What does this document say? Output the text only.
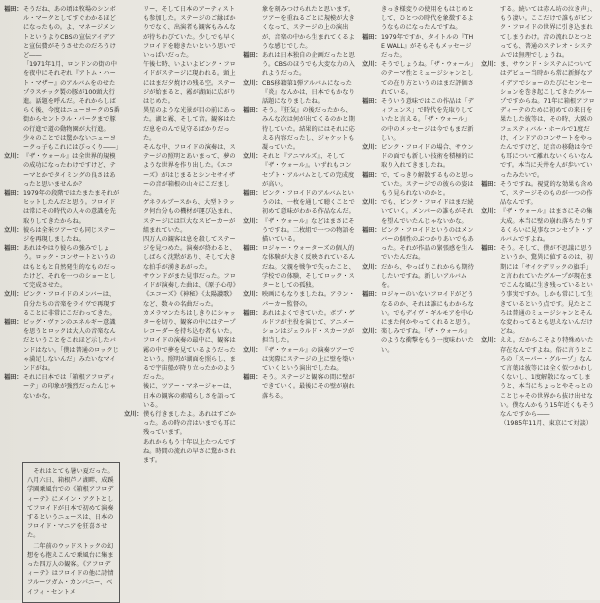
福田： そうだね、あの頃は牧場のシンボル・マークとしてすぐわかるほどになったもの。よ、マネージメントというよりCBSの宣伝アイデアと宣伝費がそうさせたのだろうけど――
「1971年1月、ロンドンの街の中を夜中にそれぞれ『アトム・ハート・マザー』のアルバムをのせたプラスチック製の豚が100頭大行進。話題を呼んだ。それからしばらく後、今度はニューヨークの5番街からセントラル・パークまで豚の行進で道の動物園が大行進。少々のことでは驚かないニューヨークっ子もこれにはびっくり――」
立川： 『ザ・ウォール』は全世界的規模の成功になったわけですけど、テーマとかでタイミングの良さはあったと思いませんか？
福田： 1979年の段階ではたまたまそれがヒットしたんだと思う。フロイドは常にその時代の人々の意識を先取りしてきたからね。
立川： 彼らは全米ツアーでも同じステージを再現しましたね。
福田： あれはやはり彼らの強みでしょう。ロック・コンサートというのはもともと自然発生的なものだったけど、それを一つのショーとして完成させた。
立川： ピンク・フロイドのメンバーは、自分たちの音楽をライヴで再現することに非常にこだわってきた。
福田： ビッグ・ヴァンのエネルギー意識を思うとロックは大人の音楽なんだということをこれほど示したバンドはない。「僕は普通のロックじゃ満足しないんだ」みたいなマインドがね。
福田： それに日本では「箱根アフロディーテ」の印象が強烈だったんじゃないかな。

それはとても暑い夏だった。八月六日、箱根芦ノ湖畔、成蹊学園乗風台での《箱根アフロディーテ》にメイン・アクトとしてフロイドが日本で初めて演奏するというニュースは、日本のフロイド・マニアを狂喜させた。

二年前のウッドストックの幻想をも抱えこんで乗風台に集まった四万人の観客。《アフロディーテ》はフロイドの他に詩情フルーツガム・カンパニー、ベイフィ・セントメ

リー、そして日本のアーティストも参加した。ステージのご縁ばかりでなく、出演者も観客もみんなが待ちわびていた。少しでも早くフロイドを聴きたいという思いでいっぱいだった。
午後七時、いよいよピンク・フロイドがステージに現われる。頭上にはまだ夕焼けの残る空。ステージが始まると、霧が湖面に広がりはじめた。
異星のような光景が目の前にあった。湖と霧、そして音。観客はただ息をのんで見守るばかりだった。
そんな中、フロイドの演奏は、ステージの照明とあいまって、夢のような世界を作り出した。《エコーズ》がはじまるとシンセサイザーの音が箱根の山々にこだました。
ゲネラルブースから、大型トラック何台分もの機材が運び込まれ、ステージには巨大なスピーカーが組まれていた。
四万人の観客は息を殺してステージを見つめた。演奏が終わると、しばらく沈黙があり、そして大きな拍手が湧きあがった。
サウンドがまた見事だった。フロイドが演奏した曲は、《原子心母》《エコーズ》《神秘》《太陽讃歌》など、数々の名曲だった。
カメラマンたちはしきりにシャッターを切り、観客の中にはテープレコーダーを持ち込む者もいた。
フロイドの演奏の最中に、観客は霧の中で夢を見ているようだったという。照明が湖面を照らし、まるで宇宙船が降り立ったかのようだった。
後に、ツアー・マネージャーは、日本の観客の素晴らしさを語っている。
立川： 僕も行きましたよ。あれはすごかった。あの時の音はいまでも耳に残っています。
あれからもう十年以上たつんですね。時間の流れの早さに驚かされます。
象を刻みつけられたと思います。ツアーを重ねるごとに規模が大きくなって、ステージの上の演出が、音楽の中から生まれてくるような感じでした。
福田： あれは日本独自の企画だったと思う。CBSのほうでも大変な力の入れようだった。
立川： CBS移籍第1弾アルバムになった『炎』なんかは、日本でもかなり話題になりましたね。
福田： そう。『狂気』の後だったから、みんな次は何が出てくるのかと期待していた。結果的にはそれに応える内容だったし、ジャケットも凝っていた。
立川： それと『アニマルズ』、そして『ザ・ウォール』。いずれもコンセプト・アルバムとしての完成度が高い。
福田： ピンク・フロイドのアルバムというのは、一枚を通して聴くことで初めて意味がわかる作品なんだ。
立川： 『ザ・ウォール』などはまさにそうですね。二枚組で一つの物語を描いている。
福田： ロジャー・ウォーターズの個人的な体験が大きく反映されているんだね。父親を戦争で失ったこと、学校での体験、そしてロック・スターとしての孤独。
立川： 映画にもなりましたね。アラン・パーカー監督の。
福田： あれはよくできていた。ボブ・ゲルドフが主役を演じて、アニメーションはジェラルド・スカーフが担当した。
立川： 『ザ・ウォール』の演奏ツアーでは実際にステージの上に壁を築いていくという演出でしたね。
福田： そう。ステージと観客の間に壁ができていく。最後にその壁が崩れ落ちる。
きっき様変りの使用をもはじめとして、ひとつの時代を象徴するようなものになったんですね。
福田： 1979年ですか、タイトルの『THE WALL』がそもそもメッセージだった。
立川： そうでしょうね。「ザ・ウォール」のテーマ性とミュージシャンとしての在り方というのはまだ評価されている。
福田： そういう意味ではこの作品は「ディフェンス」で時代を先取りしていたと言える。「ザ・ウォール」の中のメッセージは今でもまだ新しい。
立川： ピンク・フロイドの場合、サウンドの面でも新しい技術を積極的に取り入れてきましたね。
福田： で、てっきり解散するものと思っていた。ステージでの彼らの姿はもう見られないのかと。
立川： でも、ピンク・フロイドはまだ続いていく。メンバーの誰もがそれを望んでいたんじゃないかな。
福田： ピンク・フロイドというのはメンバーの個性のぶつかりあいでもあった。それが作品の緊張感を生んでいたんだね。
立川： だから、やっぱりこれからも期待したいですね。新しいアルバムを。
福田： ロジャーのいないフロイドがどうなるのか、それは誰にもわからない。でもデイヴ・ギルモアを中心にまた何かやってくれると思う。
立川： 楽しみですね。『ザ・ウォール』のような衝撃をもう一度味わいたい。
する。続いては赤ん坊の泣き声」、もう凄い。ここだけで誰もがピンク・フロイドの世界に引き込まれてしまうわけ。音の流れひとつとっても、普通のステレオ・システムでは無理でしょうね。
立川： ま、サウンド・システムについてはデビュー当時から常に新鮮なアイデアでショーのたびにセンセーションを巻き起こしてきたグループですからね。71年に箱根アフロディーテのために初めての来日を果たした彼等は、その時、大阪のフェスティバル・ホールで1度だけ、インドアのコンサートをやったんですけど、足音の移動は今でも耳について離れないくらいなんです。本当に天井を人が歩いていったみたいで。
福田： そうですね。視覚的な効果も含めて、ステージそのものが一つの作品なんです。
立川： 『ザ・ウォール』はまさにその集大成。本当に壁の崩れ落ちたりするくらいに見事なコンセプト・アルバムですよね。
福田： そう。そして、僕が不思議に思うというか、驚異に値するのは、初期には「サイケデリックの旗手」と言われていたグループが現在までこんな風に生き残っているという事実ですか。しかも常にして生きているという点です。見たところは普通のミュージシャンとそんな変わってるとも思えないんだけどね。
立川： ええ。だからこそより特殊めいた存在なんですよね。俗に言うところの「スーパー・グループ」なんて言葉は彼等には全く似つかわしくないし、1度解散になってしまうと、本当にちょっとやそっとのことじゃその世界から抜け出せない。僕なんかもう15年近くもそうなんですから――
（1985年11月、東京にて対談）
